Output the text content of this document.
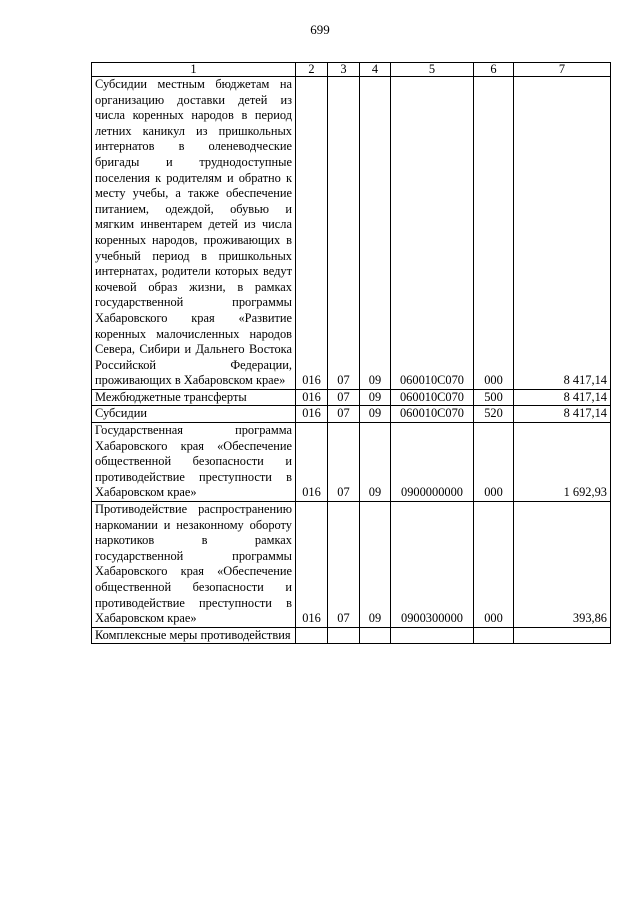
699
1	2	3	4	5	6	7
Субсидии местным бюджетам на организацию доставки детей из числа коренных народов в период летних каникул из пришкольных интернатов в оленеводческие бригады и труднодоступные поселения к родителям и обратно к месту учебы, а также обеспечение питанием, одеждой, обувью и мягким инвентарем детей из числа коренных народов, проживающих в учебный период в пришкольных интернатах, родители которых ведут кочевой образ жизни, в рамках государственной программы Хабаровского края «Развитие коренных малочисленных народов Севера, Сибири и Дальнего Востока Российской Федерации, проживающих в Хабаровском крае»	016	07	09	060010С070	000	8 417,14
Межбюджетные трансферты	016	07	09	060010С070	500	8 417,14
Субсидии	016	07	09	060010С070	520	8 417,14
Государственная программа Хабаровского края «Обеспечение общественной безопасности и противодействие преступности в Хабаровском крае»	016	07	09	0900000000	000	1 692,93
Противодействие распространению наркомании и незаконному обороту наркотиков в рамках государственной программы Хабаровского края «Обеспечение общественной безопасности и противодействие преступности в Хабаровском крае»	016	07	09	0900300000	000	393,86
Комплексные меры противодействия						
